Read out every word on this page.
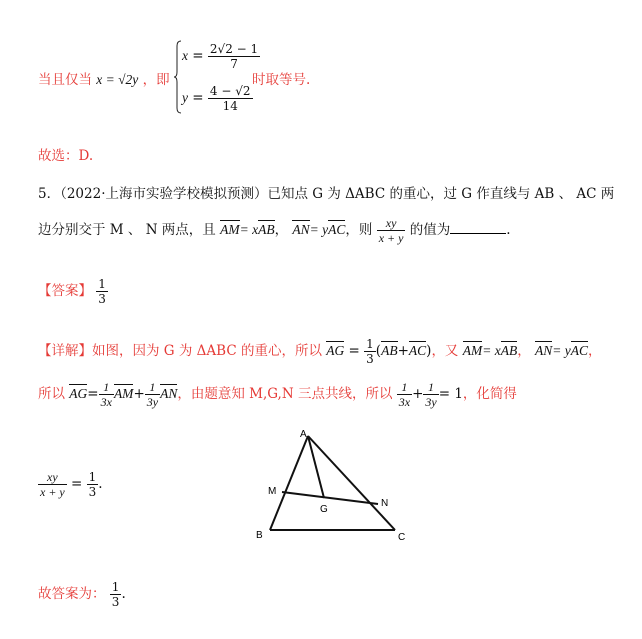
当且仅当 x = √2y ，即
$x = \frac{2√2 - 1}{7}$
$y = \frac{4 - √2}{14}$
时取等号.
故选：D.
5．（2022·上海市实验学校模拟预测）已知点 G 为 ΔABC 的重心，过 G 作直线与 AB 、 AC 两
边分别交于 M 、 N 两点，且 AM= xAB， AN= yAC，则 $\frac{xy}{x + y}$ 的值为	.
【答案】 $\frac{1}{3}$
【详解】如图，因为 G 为 ΔABC 的重心，所以 AG = $\frac{1}{3} (AB+AC)$，又 AM= xAB， AN= yAC，
所以 $AG= \frac{1}{3x} AM+ \frac{1}{3y}$ AN，由题意知 M,G,N 三点共线，所以 $\frac{1}{3x} + \frac{1}{3y} = 1$，化简得
$\frac{xy}{x + y} = \frac{1}{3}$ .
A
B	C
M
N
G
故答案为： $\frac{1}{3}$ .
